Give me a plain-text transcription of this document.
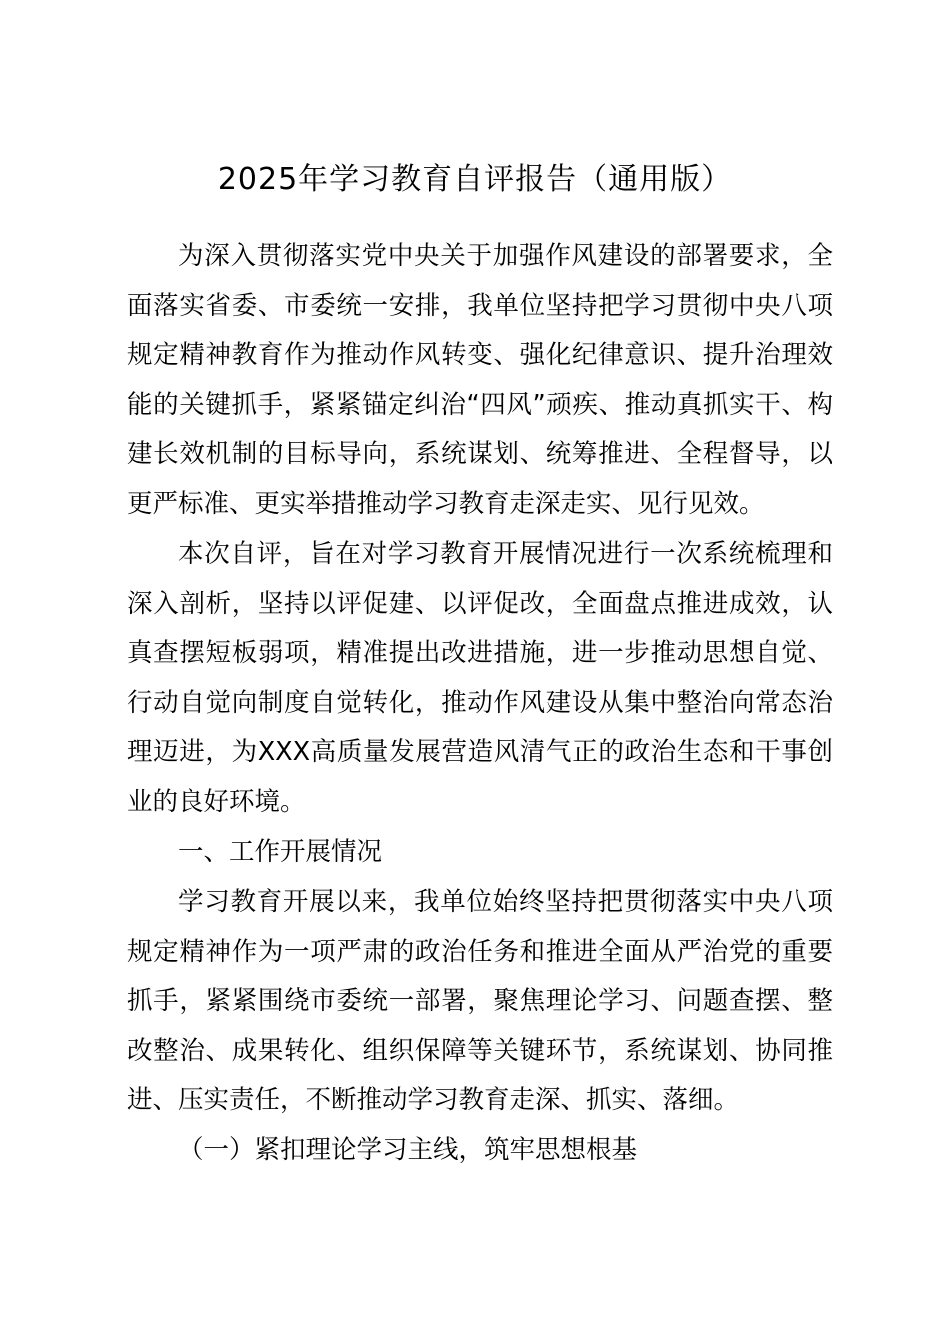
2025年学习教育自评报告（通用版）

为深入贯彻落实党中央关于加强作风建设的部署要求，全面落实省委、市委统一安排，我单位坚持把学习贯彻中央八项规定精神教育作为推动作风转变、强化纪律意识、提升治理效能的关键抓手，紧紧锚定纠治“四风”顽疾、推动真抓实干、构建长效机制的目标导向，系统谋划、统筹推进、全程督导，以更严标准、更实举措推动学习教育走深走实、见行见效。

本次自评，旨在对学习教育开展情况进行一次系统梳理和深入剖析，坚持以评促建、以评促改，全面盘点推进成效，认真查摆短板弱项，精准提出改进措施，进一步推动思想自觉、行动自觉向制度自觉转化，推动作风建设从集中整治向常态治理迈进，为XXX高质量发展营造风清气正的政治生态和干事创业的良好环境。

一、工作开展情况

学习教育开展以来，我单位始终坚持把贯彻落实中央八项规定精神作为一项严肃的政治任务和推进全面从严治党的重要抓手，紧紧围绕市委统一部署，聚焦理论学习、问题查摆、整改整治、成果转化、组织保障等关键环节，系统谋划、协同推进、压实责任，不断推动学习教育走深、抓实、落细。

（一）紧扣理论学习主线，筑牢思想根基
